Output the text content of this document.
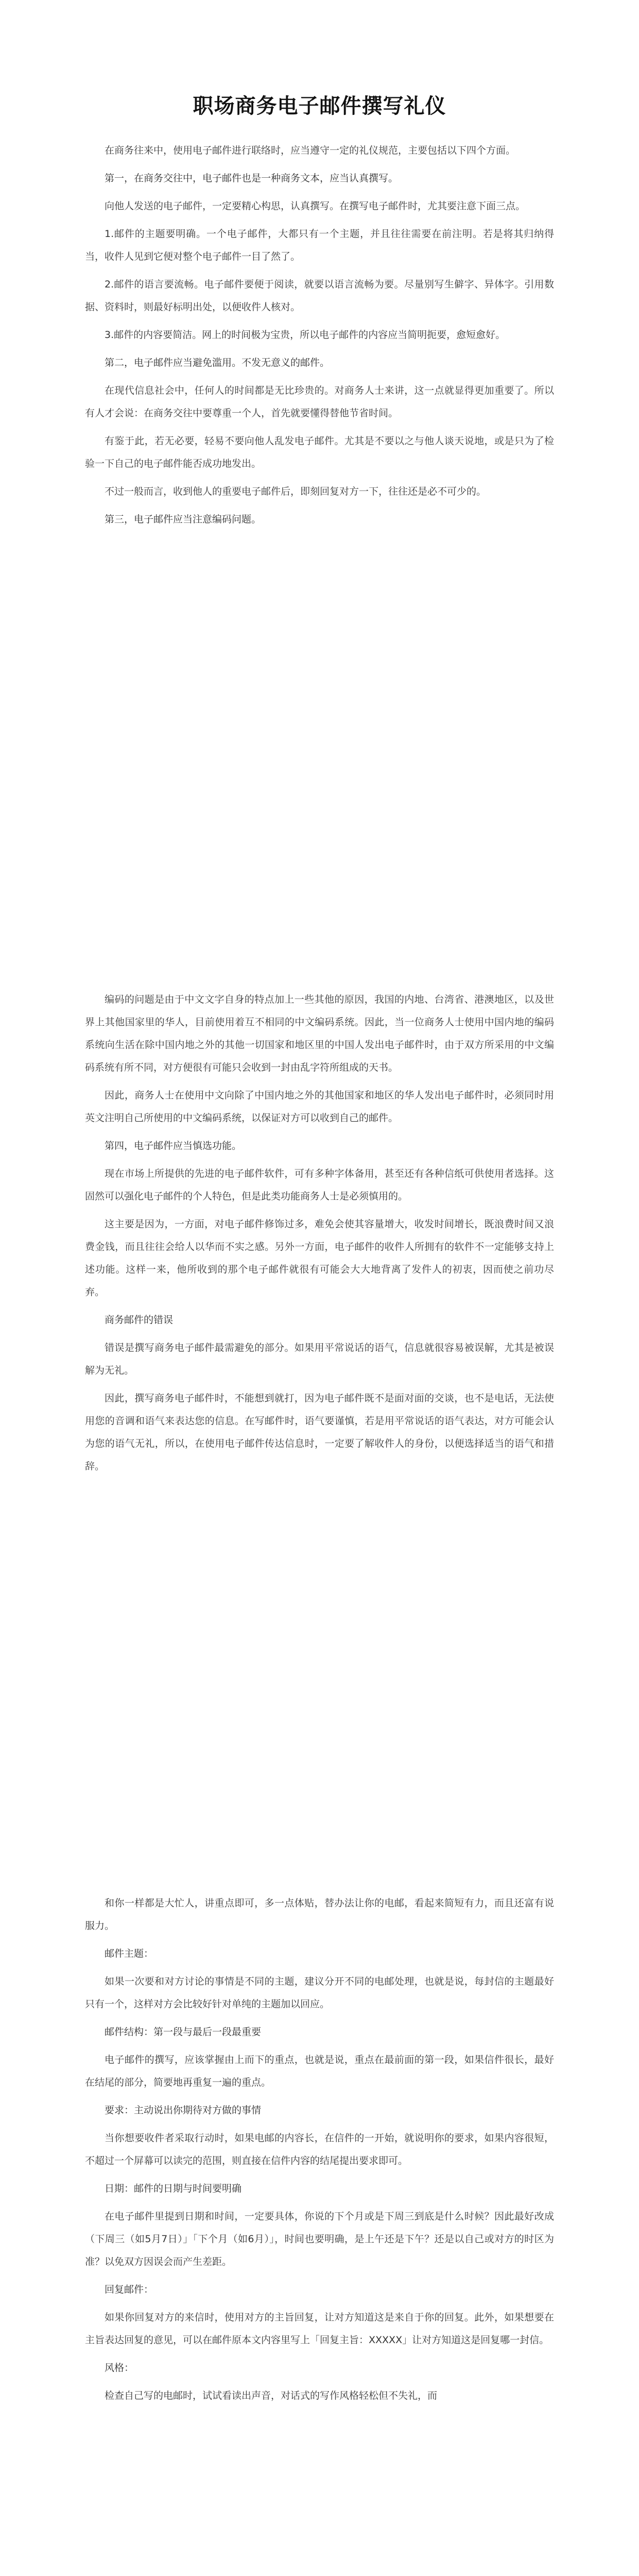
职场商务电子邮件撰写礼仪

在商务往来中，使用电子邮件进行联络时，应当遵守一定的礼仪规范，主要包括以下四个方面。

第一，在商务交往中，电子邮件也是一种商务文本，应当认真撰写。

向他人发送的电子邮件，一定要精心构思，认真撰写。在撰写电子邮件时，尤其要注意下面三点。

1.邮件的主题要明确。一个电子邮件，大都只有一个主题，并且往往需要在前注明。若是将其归纳得当，收件人见到它便对整个电子邮件一目了然了。

2.邮件的语言要流畅。电子邮件要便于阅读，就要以语言流畅为要。尽量别写生僻字、异体字。引用数据、资料时，则最好标明出处，以便收件人核对。

3.邮件的内容要简洁。网上的时间极为宝贵，所以电子邮件的内容应当简明扼要，愈短愈好。

第二，电子邮件应当避免滥用。不发无意义的邮件。

在现代信息社会中，任何人的时间都是无比珍贵的。对商务人士来讲，这一点就显得更加重要了。所以有人才会说：在商务交往中要尊重一个人，首先就要懂得替他节省时间。

有鉴于此，若无必要，轻易不要向他人乱发电子邮件。尤其是不要以之与他人谈天说地，或是只为了检验一下自己的电子邮件能否成功地发出。

不过一般而言，收到他人的重要电子邮件后，即刻回复对方一下，往往还是必不可少的。

第三，电子邮件应当注意编码问题。

编码的问题是由于中文文字自身的特点加上一些其他的原因，我国的内地、台湾省、港澳地区，以及世界上其他国家里的华人，目前使用着互不相同的中文编码系统。因此，当一位商务人士使用中国内地的编码系统向生活在除中国内地之外的其他一切国家和地区里的中国人发出电子邮件时，由于双方所采用的中文编码系统有所不同，对方便很有可能只会收到一封由乱字符所组成的天书。

因此，商务人士在使用中文向除了中国内地之外的其他国家和地区的华人发出电子邮件时，必须同时用英文注明自己所使用的中文编码系统，以保证对方可以收到自己的邮件。

第四，电子邮件应当慎选功能。

现在市场上所提供的先进的电子邮件软件，可有多种字体备用，甚至还有各种信纸可供使用者选择。这固然可以强化电子邮件的个人特色，但是此类功能商务人士是必须慎用的。

这主要是因为，一方面，对电子邮件修饰过多，难免会使其容量增大，收发时间增长，既浪费时间又浪费金钱，而且往往会给人以华而不实之感。另外一方面，电子邮件的收件人所拥有的软件不一定能够支持上述功能。这样一来，他所收到的那个电子邮件就很有可能会大大地背离了发件人的初衷，因而使之前功尽弃。

商务邮件的错误

错误是撰写商务电子邮件最需避免的部分。如果用平常说话的语气，信息就很容易被误解，尤其是被误解为无礼。

因此，撰写商务电子邮件时，不能想到就打，因为电子邮件既不是面对面的交谈，也不是电话，无法使用您的音调和语气来表达您的信息。在写邮件时，语气要谨慎，若是用平常说话的语气表达，对方可能会认为您的语气无礼，所以，在使用电子邮件传达信息时，一定要了解收件人的身份，以便选择适当的语气和措辞。

和你一样都是大忙人，讲重点即可，多一点体贴，替办法让你的电邮，看起来简短有力，而且还富有说服力。

邮件主题：

如果一次要和对方讨论的事情是不同的主题，建议分开不同的电邮处理，也就是说，每封信的主题最好只有一个，这样对方会比较好针对单纯的主题加以回应。

邮件结构：第一段与最后一段最重要

电子邮件的撰写，应该掌握由上而下的重点，也就是说，重点在最前面的第一段，如果信件很长，最好在结尾的部分，简要地再重复一遍的重点。

要求：主动说出你期待对方做的事情

当你想要收件者采取行动时，如果电邮的内容长，在信件的一开始，就说明你的要求，如果内容很短，不超过一个屏幕可以读完的范围，则直接在信件内容的结尾提出要求即可。

日期：邮件的日期与时间要明确

在电子邮件里提到日期和时间，一定要具体，你说的下个月或是下周三到底是什么时候？因此最好改成（下周三（如5月7日）」「下个月（如6月）」，时间也要明确，是上午还是下午？还是以自己或对方的时区为准？以免双方因误会而产生差距。

回复邮件：

如果你回复对方的来信时，使用对方的主旨回复，让对方知道这是来自于你的回复。此外，如果想要在主旨表达回复的意见，可以在邮件原本文内容里写上「回复主旨：XXXXX」让对方知道这是回复哪一封信。

风格：

检查自己写的电邮时，试试看读出声音，对话式的写作风格轻松但不失礼，而
